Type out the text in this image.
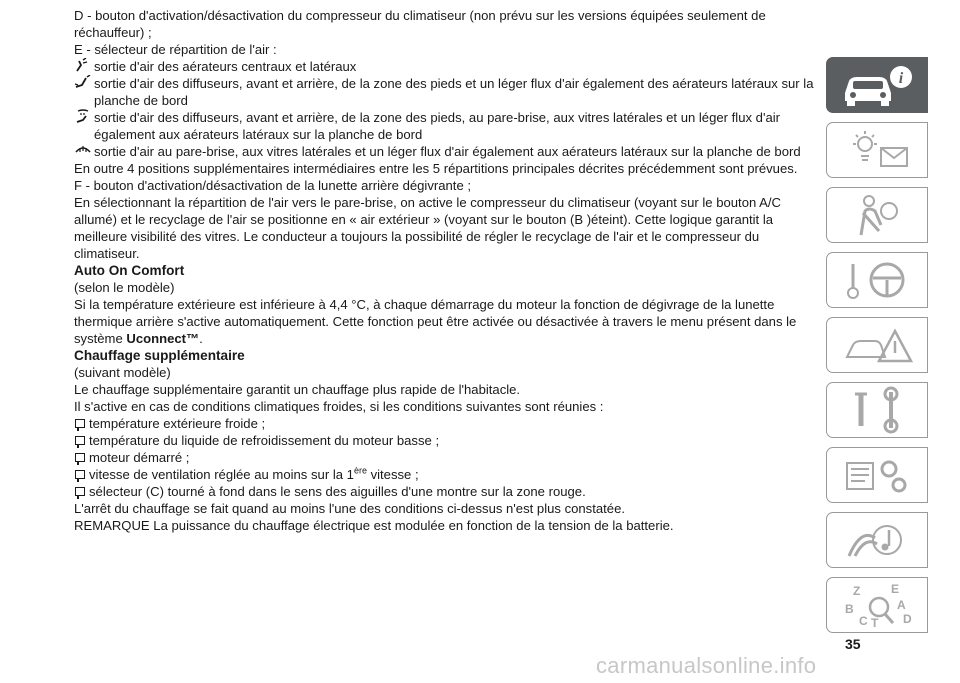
D - bouton d'activation/désactivation du compresseur du climatiseur (non prévu sur les versions équipées seulement de réchauffeur) ;

E - sélecteur de répartition de l'air :

sortie d'air des aérateurs centraux et latéraux
sortie d'air des diffuseurs, avant et arrière, de la zone des pieds et un léger flux d'air également des aérateurs latéraux sur la planche de bord
sortie d'air des diffuseurs, avant et arrière, de la zone des pieds, au pare-brise, aux vitres latérales et un léger flux d'air également aux aérateurs latéraux sur la planche de bord
sortie d'air au pare-brise, aux vitres latérales et un léger flux d'air également aux aérateurs latéraux sur la planche de bord

En outre 4 positions supplémentaires intermédiaires entre les 5 répartitions principales décrites précédemment sont prévues.

F - bouton d'activation/désactivation de la lunette arrière dégivrante ;

En sélectionnant la répartition de l'air vers le pare-brise, on active le compresseur du climatiseur (voyant sur le bouton A/C allumé) et le recyclage de l'air se positionne en « air extérieur » (voyant sur le bouton (B )éteint). Cette logique garantit la meilleure visibilité des vitres. Le conducteur a toujours la possibilité de régler le recyclage de l'air et le compresseur du climatiseur.

Auto On Comfort

(selon le modèle)

Si la température extérieure est inférieure à 4,4 °C, à chaque démarrage du moteur la fonction de dégivrage de la lunette thermique arrière s'active automatiquement. Cette fonction peut être activée ou désactivée à travers le menu présent dans le système Uconnect™.

Chauffage supplémentaire

(suivant modèle)

Le chauffage supplémentaire garantit un chauffage plus rapide de l'habitacle.

Il s'active en cas de conditions climatiques froides, si les conditions suivantes sont réunies :

température extérieure froide ;
température du liquide de refroidissement du moteur basse ;
moteur démarré ;
vitesse de ventilation réglée au moins sur la 1ère vitesse ;
sélecteur (C) tourné à fond dans le sens des aiguilles d'une montre sur la zone rouge.

L'arrêt du chauffage se fait quand au moins l'une des conditions ci-dessus n'est plus constatée.

REMARQUE La puissance du chauffage électrique est modulée en fonction de la tension de la batterie.

i
Z	E
A
B
D
C T
35
carmanualsonline.info
